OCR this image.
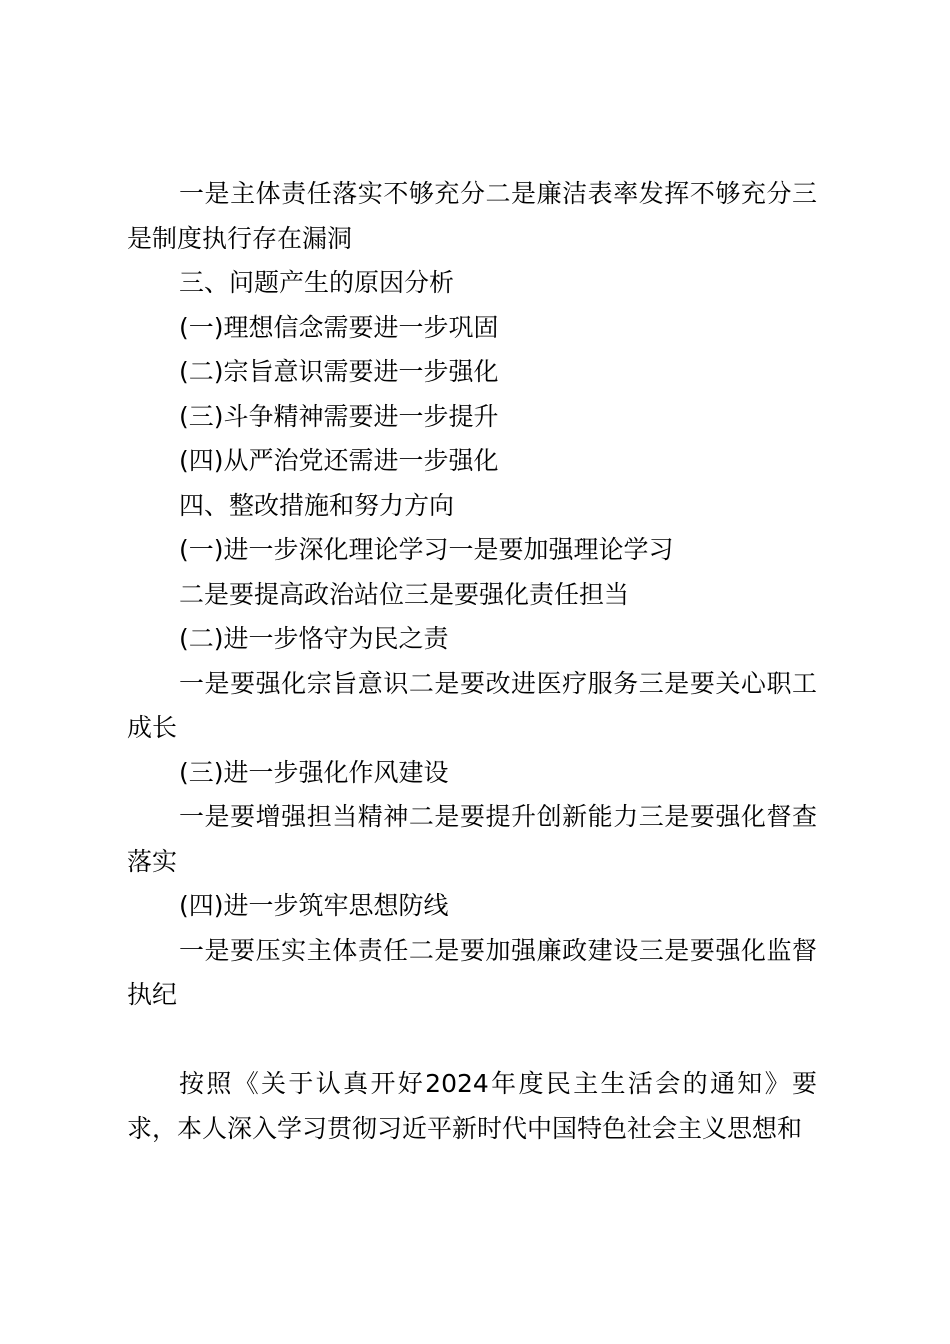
一是主体责任落实不够充分二是廉洁表率发挥不够充分三是制度执行存在漏洞

三、问题产生的原因分析

(一)理想信念需要进一步巩固

(二)宗旨意识需要进一步强化

(三)斗争精神需要进一步提升

(四)从严治党还需进一步强化

四、整改措施和努力方向

(一)进一步深化理论学习一是要加强理论学习

二是要提高政治站位三是要强化责任担当

(二)进一步恪守为民之责

一是要强化宗旨意识二是要改进医疗服务三是要关心职工成长

(三)进一步强化作风建设

一是要增强担当精神二是要提升创新能力三是要强化督查落实

(四)进一步筑牢思想防线

一是要压实主体责任二是要加强廉政建设三是要强化监督执纪

按照《关于认真开好2024年度民主生活会的通知》要求，本人深入学习贯彻习近平新时代中国特色社会主义思想和
